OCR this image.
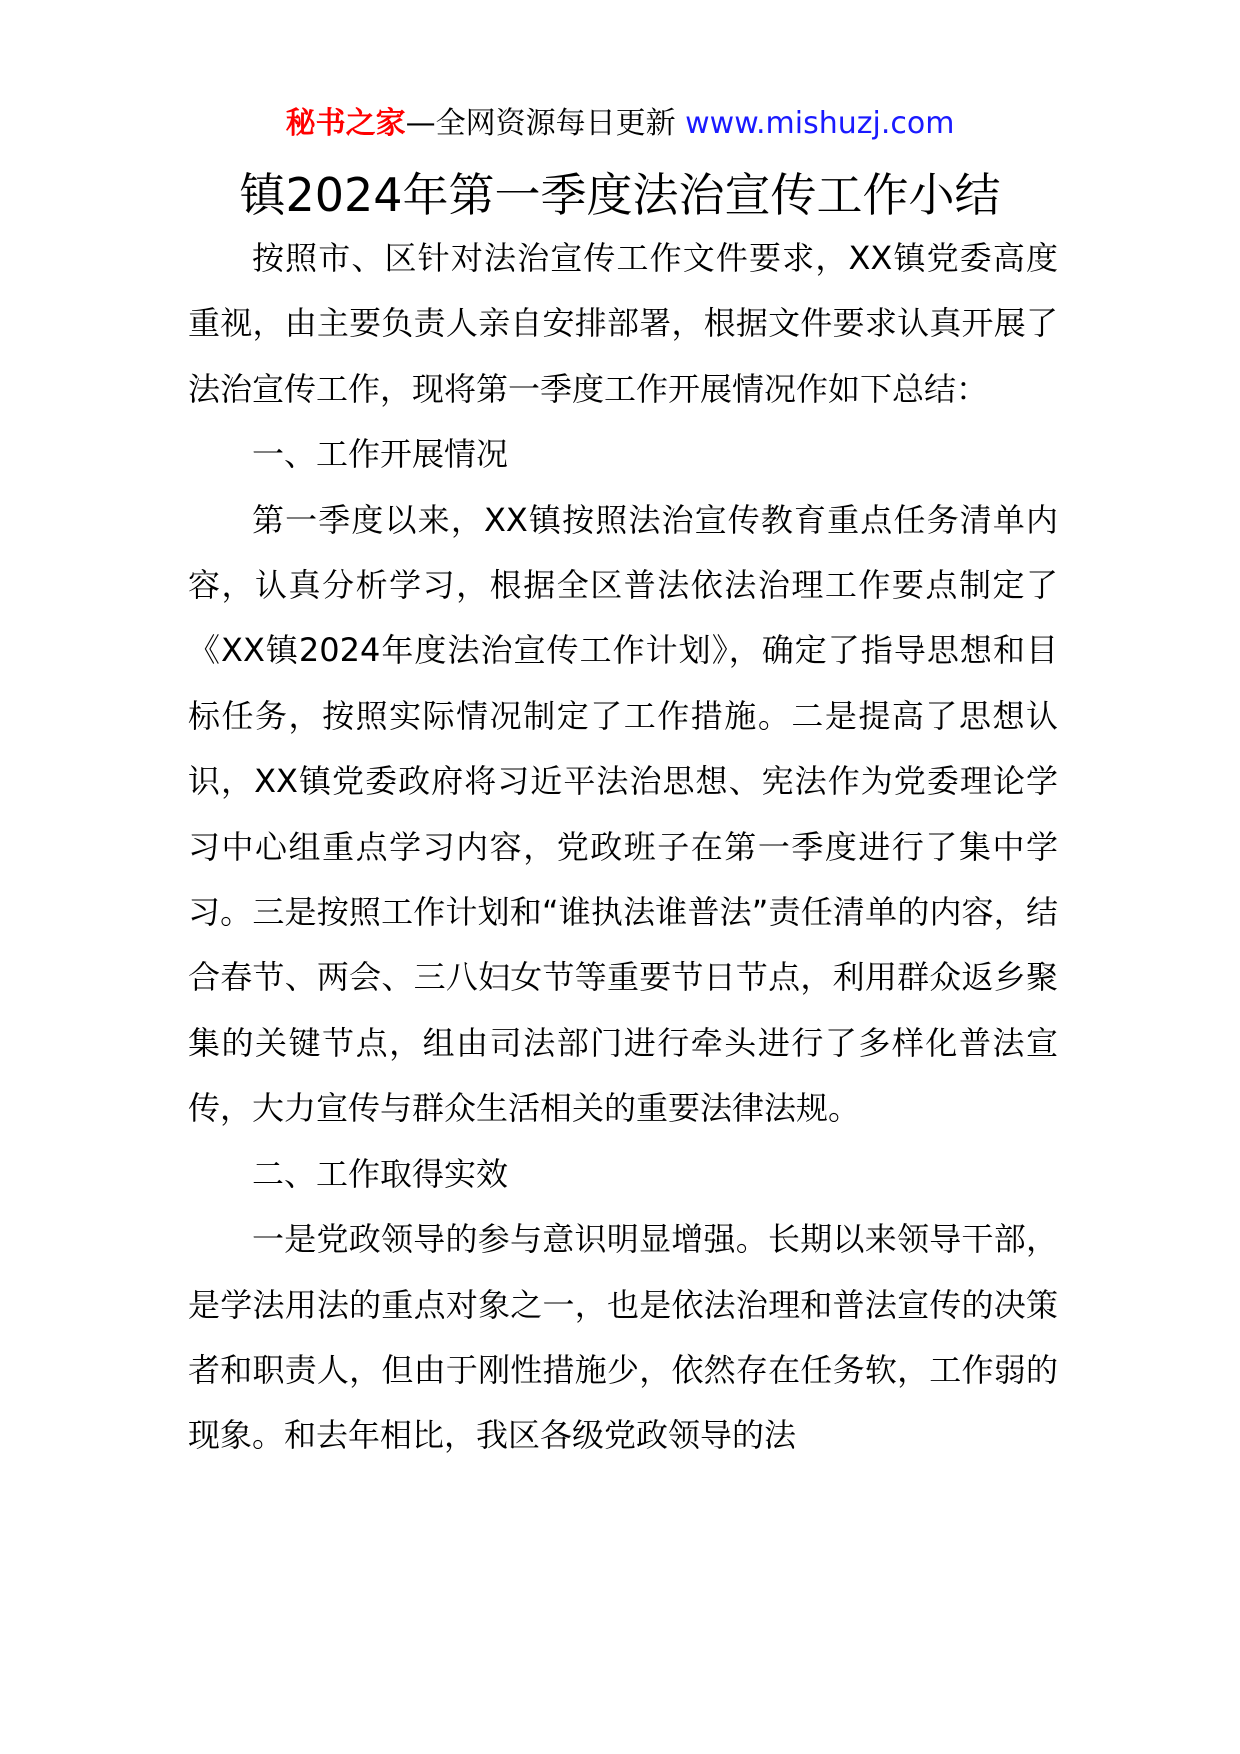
秘书之家—全网资源每日更新 www.mishuzj.com
镇2024年第一季度法治宣传工作小结

按照市、区针对法治宣传工作文件要求，XX镇党委高度重视，由主要负责人亲自安排部署，根据文件要求认真开展了法治宣传工作，现将第一季度工作开展情况作如下总结：

一、工作开展情况

第一季度以来，XX镇按照法治宣传教育重点任务清单内容，认真分析学习，根据全区普法依法治理工作要点制定了《XX镇2024年度法治宣传工作计划》，确定了指导思想和目标任务，按照实际情况制定了工作措施。二是提高了思想认识，XX镇党委政府将习近平法治思想、宪法作为党委理论学习中心组重点学习内容，党政班子在第一季度进行了集中学习。三是按照工作计划和“谁执法谁普法”责任清单的内容，结合春节、两会、三八妇女节等重要节日节点，利用群众返乡聚集的关键节点，组由司法部门进行牵头进行了多样化普法宣传，大力宣传与群众生活相关的重要法律法规。

二、工作取得实效

一是党政领导的参与意识明显增强。长期以来领导干部，是学法用法的重点对象之一，也是依法治理和普法宣传的决策者和职责人，但由于刚性措施少，依然存在任务软，工作弱的现象。和去年相比，我区各级党政领导的法
